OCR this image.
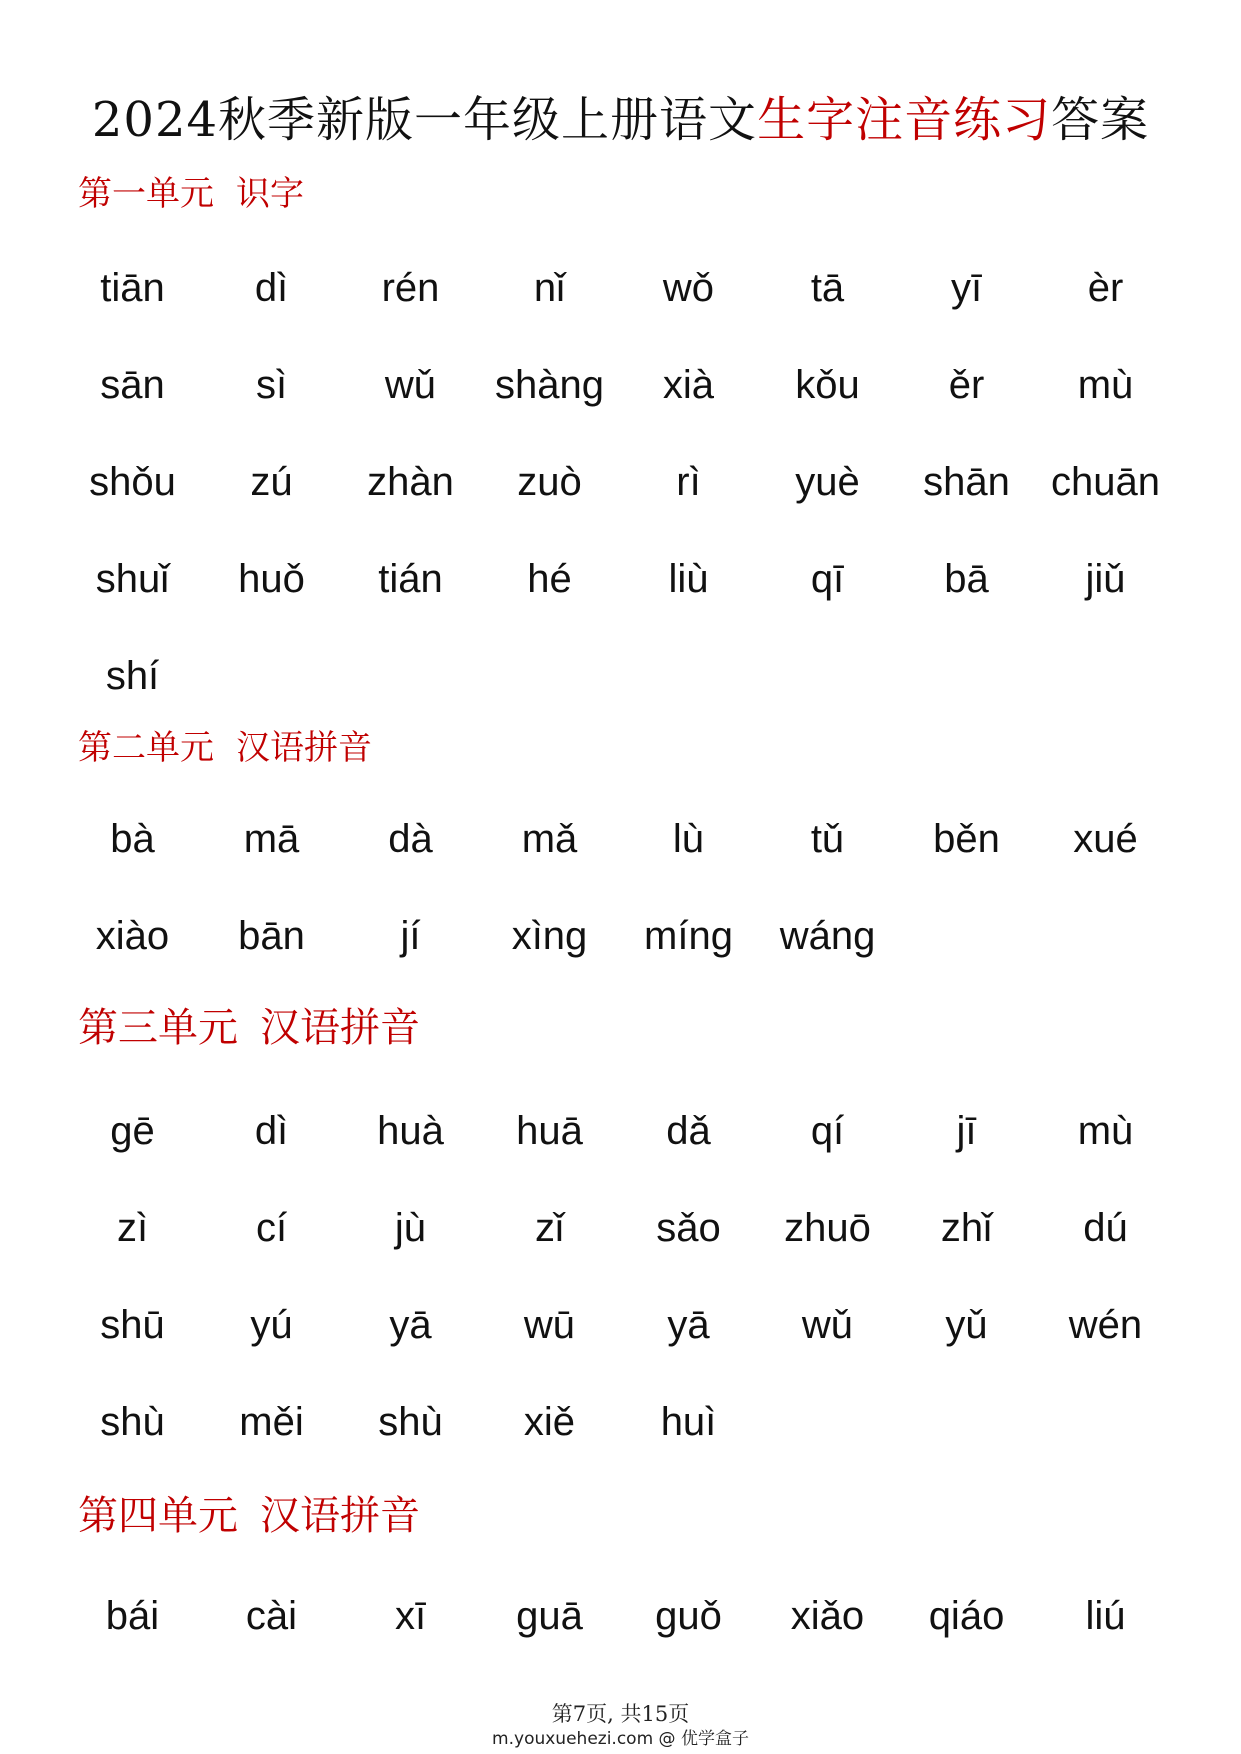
2024秋季新版一年级上册语文生字注音练习答案
第一单元 识字
tiān	dì	rén	nǐ	wǒ	tā	yī	èr
sān	sì	wǔ	shàng	xià	kǒu	ěr	mù
shǒu	zú	zhàn	zuò	rì	yuè	shān	chuān
shuǐ	huǒ	tián	hé	liù	qī	bā	jiǔ
shí
第二单元 汉语拼音
bà	mā	dà	mǎ	lù	tǔ	běn	xué
xiào	bān	jí	xìng	míng	wáng
第三单元 汉语拼音
gē	dì	huà	huā	dǎ	qí	jī	mù
zì	cí	jù	zǐ	sǎo	zhuō	zhǐ	dú
shū	yú	yā	wū	yā	wǔ	yǔ	wén
shù	měi	shù	xiě	huì
第四单元 汉语拼音
bái	cài	xī	guā	guǒ	xiǎo	qiáo	liú
第7页, 共15页
m.youxuehezi.com @ 优学盒子
